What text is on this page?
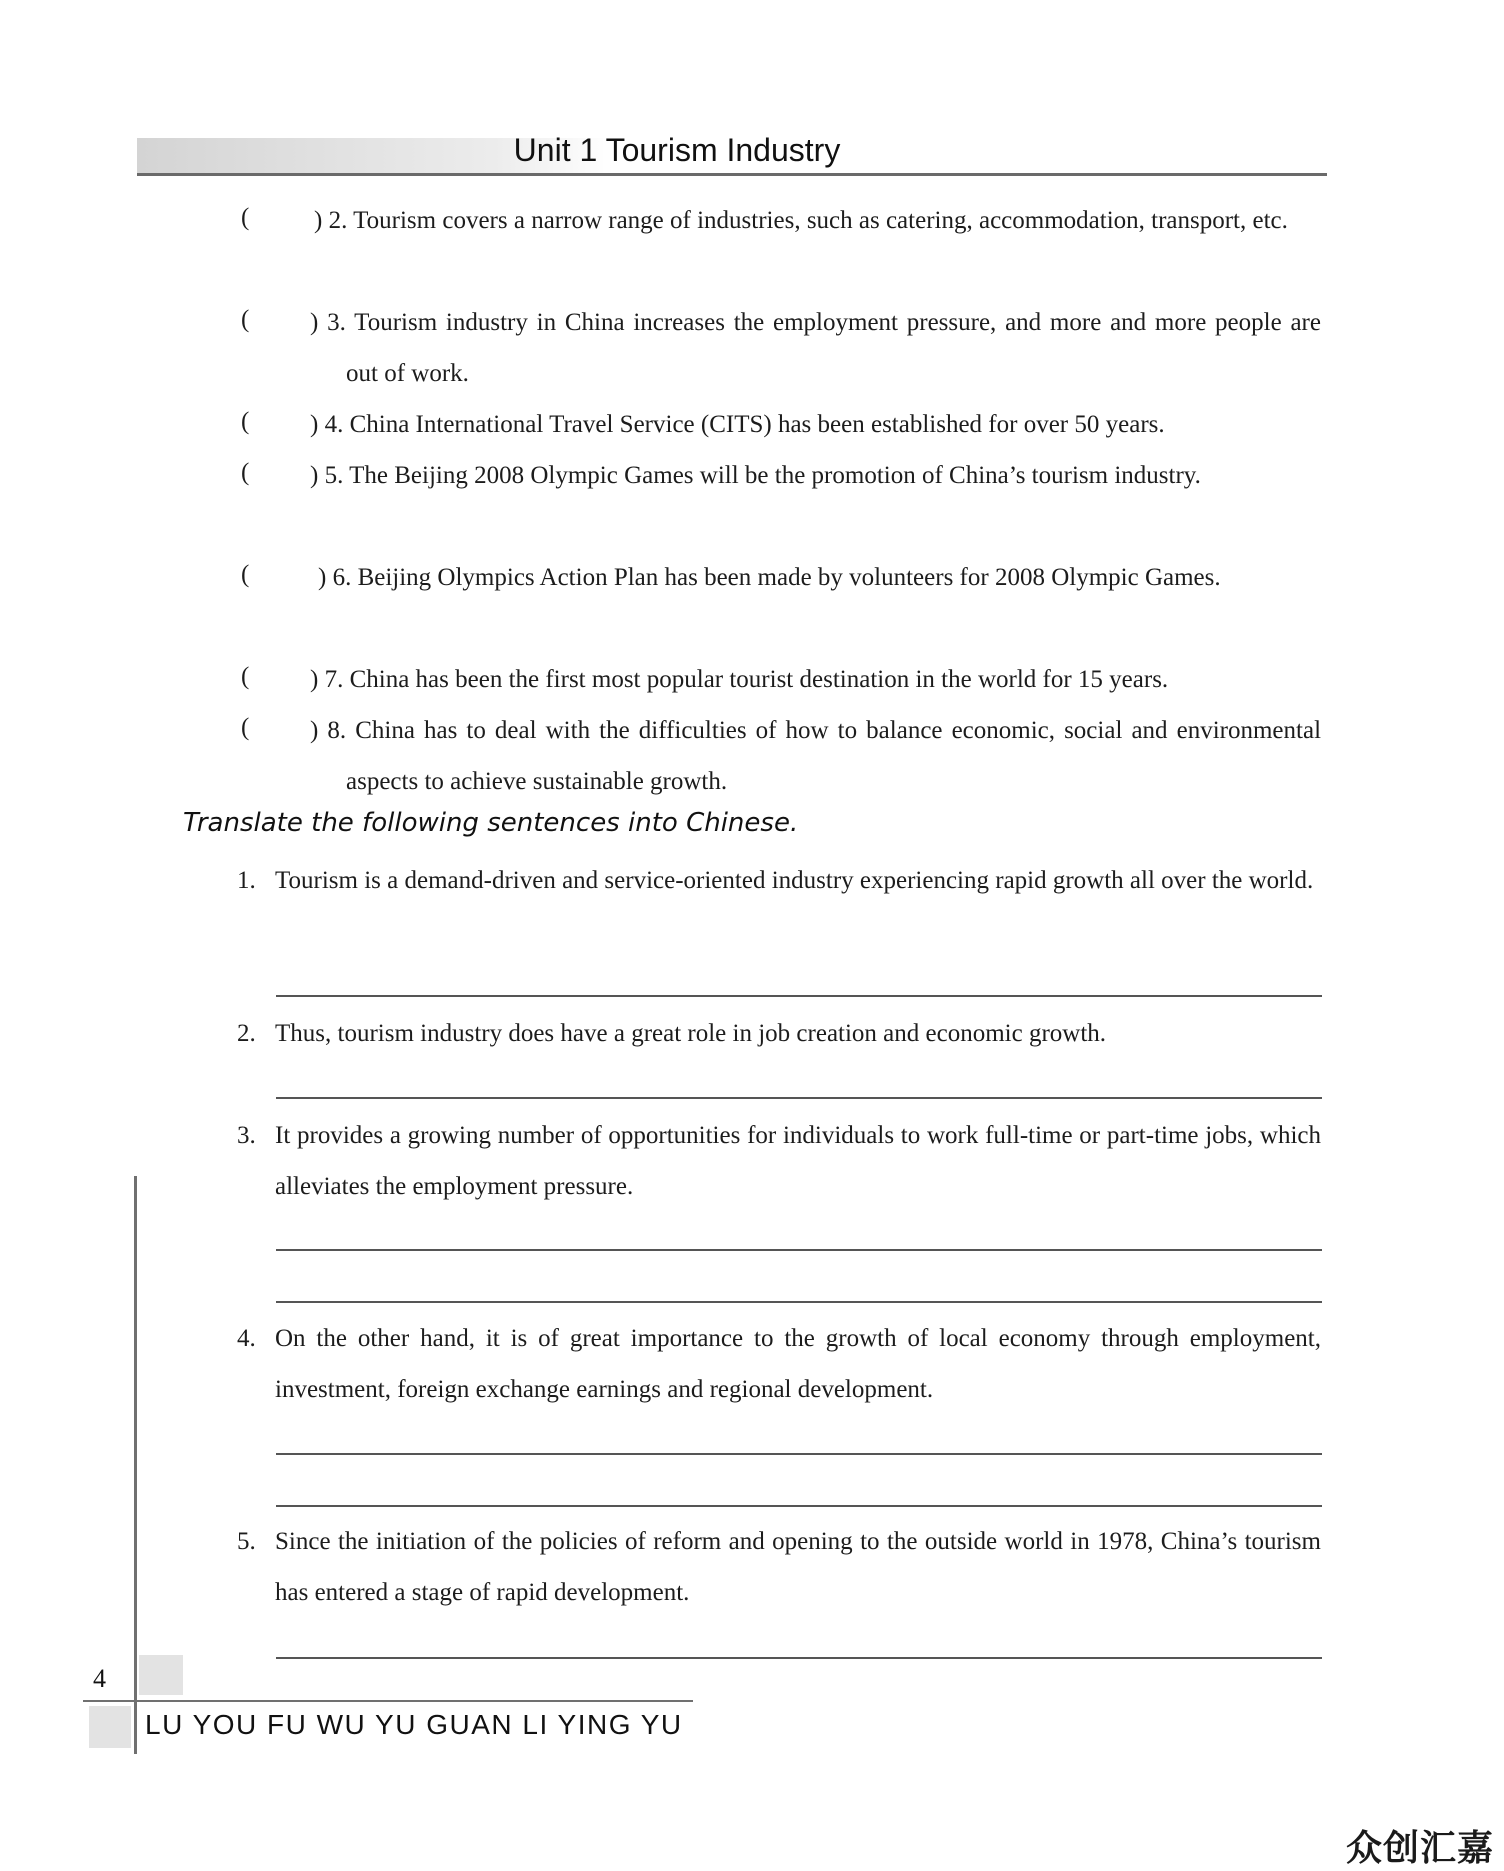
Unit 1 Tourism Industry
(	) 2. Tourism covers a narrow range of industries, such as catering, accommodation, transport, etc.
( ) 3. Tourism industry in China increases the employment pressure, and more and more people are out of work.
( ) 4. China International Travel Service (CITS) has been established for over 50 years.
( ) 5. The Beijing 2008 Olympic Games will be the promotion of China’s tourism industry.
(	) 6. Beijing Olympics Action Plan has been made by volunteers for 2008 Olympic Games.
( ) 7. China has been the first most popular tourist destination in the world for 15 years.
( ) 8. China has to deal with the difficulties of how to balance economic, social and environmental aspects to achieve sustainable growth.
Translate the following sentences into Chinese.
1. Tourism is a demand-driven and service-oriented industry experiencing rapid growth all over the world.
2. Thus, tourism industry does have a great role in job creation and economic growth.
3. It provides a growing number of opportunities for individuals to work full-time or part-time jobs, which alleviates the employment pressure.
4. On the other hand, it is of great importance to the growth of local economy through employment, investment, foreign exchange earnings and regional development.
5. Since the initiation of the policies of reform and opening to the outside world in 1978, China’s tourism has entered a stage of rapid development.
4
LU YOU FU WU YU GUAN LI YING YU
众创汇嘉
